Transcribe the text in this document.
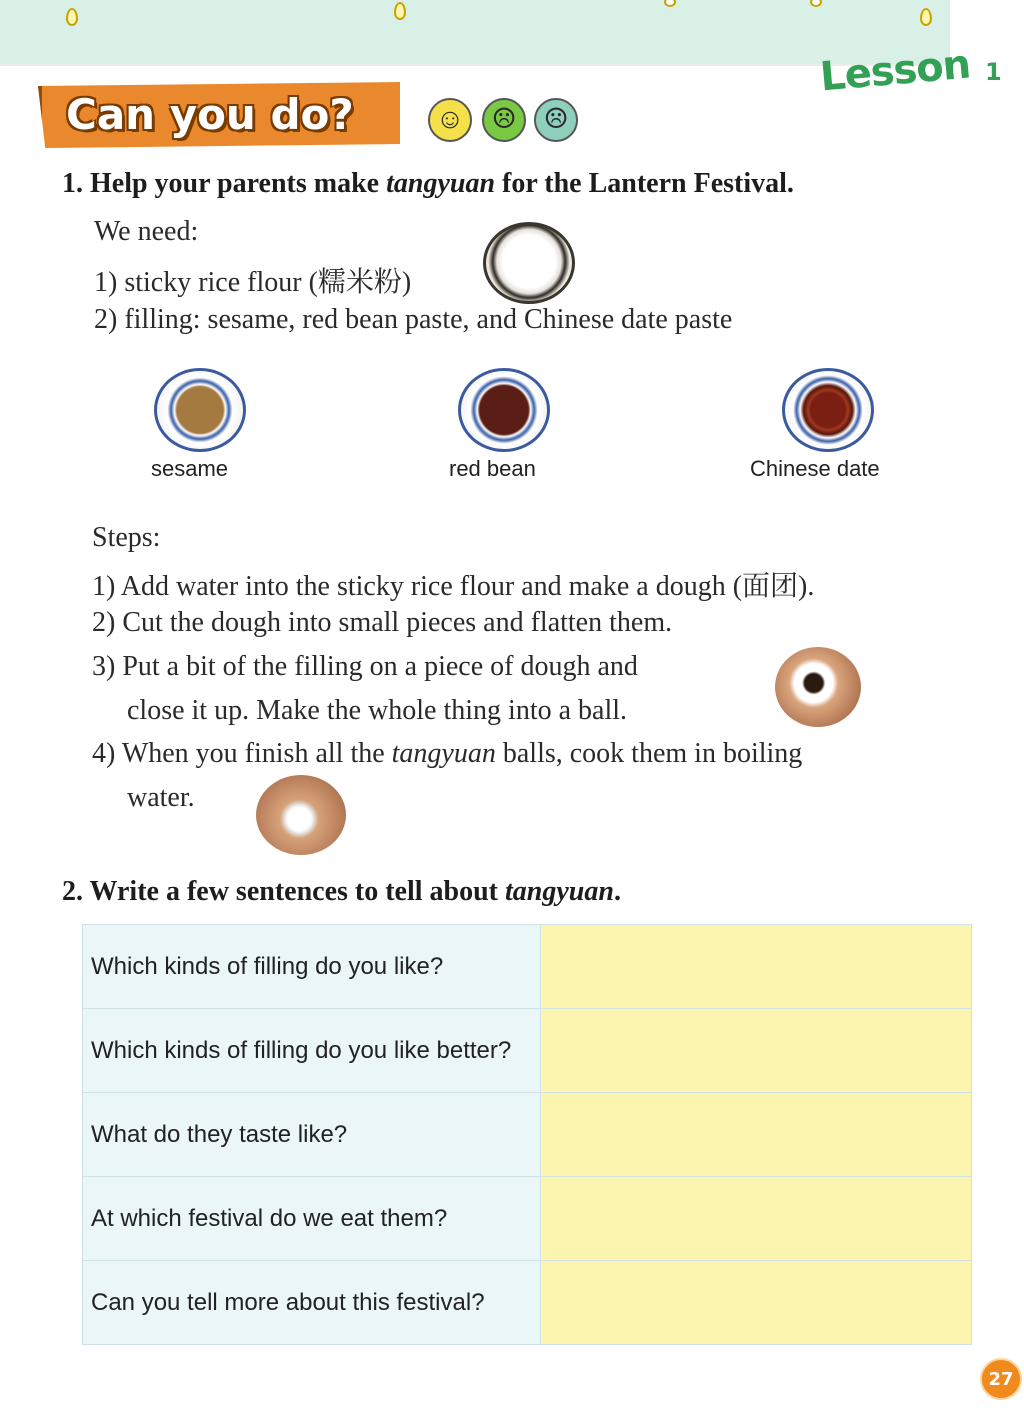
Lesson 1
Can you do?	☺ ☹ ☹
1. Help your parents make tangyuan for the Lantern Festival.
We need:
1) sticky rice flour (糯米粉)
2) filling: sesame, red bean paste, and Chinese date paste
sesame	red bean	Chinese date
Steps:
1) Add water into the sticky rice flour and make a dough (面团).
2) Cut the dough into small pieces and flatten them.
3) Put a bit of the filling on a piece of dough and
close it up. Make the whole thing into a ball.
4) When you finish all the tangyuan balls, cook them in boiling
water.
2. Write a few sentences to tell about tangyuan.
Which kinds of filling do you like?	
Which kinds of filling do you like better?	
What do they taste like?	
At which festival do we eat them?	
Can you tell more about this festival?	
27
